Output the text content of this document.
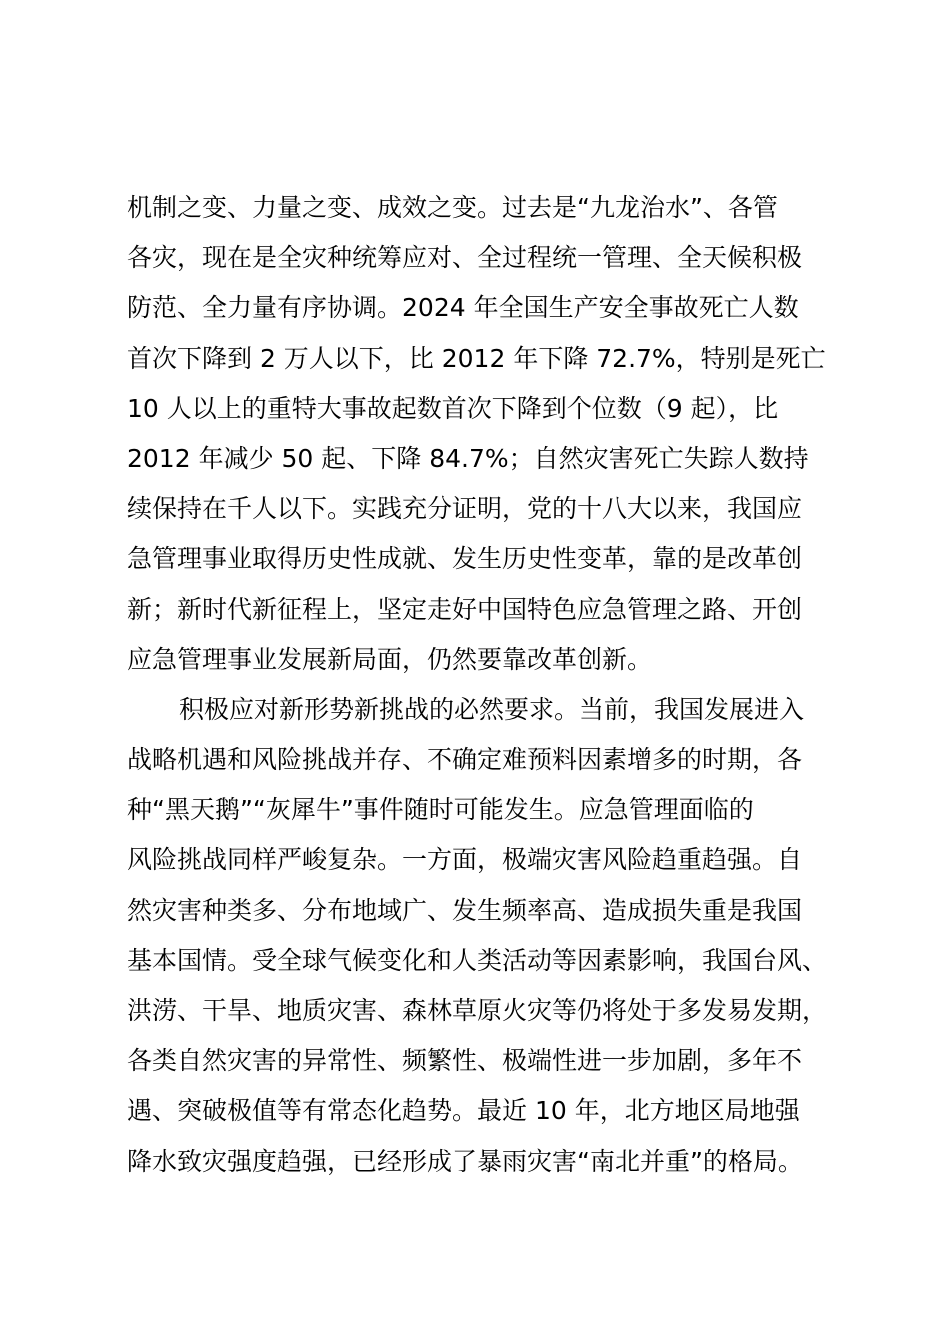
机制之变、力量之变、成效之变。过去是“九龙治水”、各管
各灾，现在是全灾种统筹应对、全过程统一管理、全天候积极
防范、全力量有序协调。2024 年全国生产安全事故死亡人数
首次下降到 2 万人以下，比 2012 年下降 72.7%，特别是死亡
10 人以上的重特大事故起数首次下降到个位数（9 起），比
2012 年减少 50 起、下降 84.7%；自然灾害死亡失踪人数持
续保持在千人以下。实践充分证明，党的十八大以来，我国应
急管理事业取得历史性成就、发生历史性变革，靠的是改革创
新；新时代新征程上，坚定走好中国特色应急管理之路、开创
应急管理事业发展新局面，仍然要靠改革创新。
积极应对新形势新挑战的必然要求。当前，我国发展进入
战略机遇和风险挑战并存、不确定难预料因素增多的时期，各
种“黑天鹅”“灰犀牛”事件随时可能发生。应急管理面临的
风险挑战同样严峻复杂。一方面，极端灾害风险趋重趋强。自
然灾害种类多、分布地域广、发生频率高、造成损失重是我国
基本国情。受全球气候变化和人类活动等因素影响，我国台风、
洪涝、干旱、地质灾害、森林草原火灾等仍将处于多发易发期，
各类自然灾害的异常性、频繁性、极端性进一步加剧，多年不
遇、突破极值等有常态化趋势。最近 10 年，北方地区局地强
降水致灾强度趋强，已经形成了暴雨灾害“南北并重”的格局。
